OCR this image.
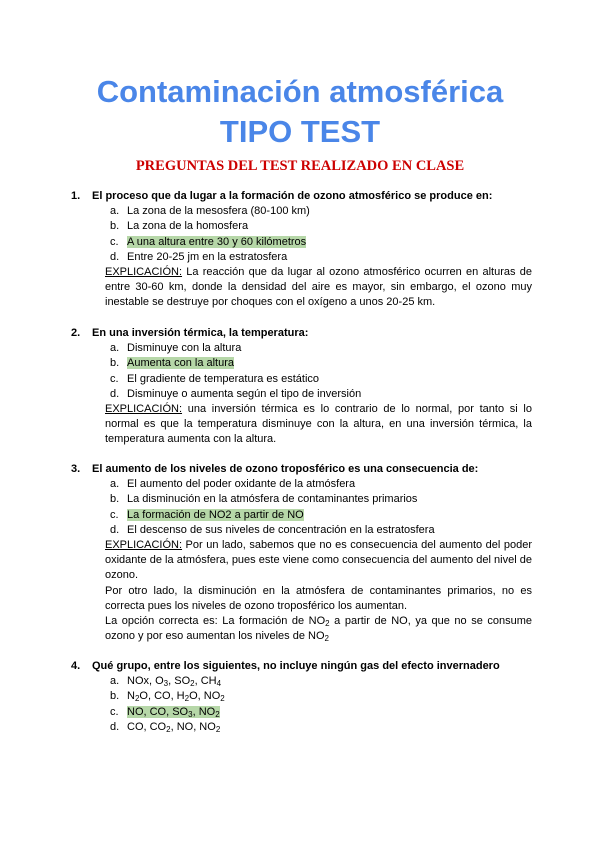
Contaminación atmosférica
TIPO TEST
PREGUNTAS DEL TEST REALIZADO EN CLASE
1. El proceso que da lugar a la formación de ozono atmosférico se produce en:
a. La zona de la mesosfera (80-100 km)
b. La zona de la homosfera
c. A una altura entre 30 y 60 kilómetros
d. Entre 20-25 jm en la estratosfera

EXPLICACIÓN: La reacción que da lugar al ozono atmosférico ocurren en alturas de entre 30-60 km, donde la densidad del aire es mayor, sin embargo, el ozono muy inestable se destruye por choques con el oxígeno a unos 20-25 km.

2. En una inversión térmica, la temperatura:
a. Disminuye con la altura
b. Aumenta con la altura
c. El gradiente de temperatura es estático
d. Disminuye o aumenta según el tipo de inversión

EXPLICACIÓN: una inversión térmica es lo contrario de lo normal, por tanto si lo normal es que la temperatura disminuye con la altura, en una inversión térmica, la temperatura aumenta con la altura.

3. El aumento de los niveles de ozono troposférico es una consecuencia de:
a. El aumento del poder oxidante de la atmósfera
b. La disminución en la atmósfera de contaminantes primarios
c. La formación de NO2 a partir de NO
d. El descenso de sus niveles de concentración en la estratosfera

EXPLICACIÓN: Por un lado, sabemos que no es consecuencia del aumento del poder oxidante de la atmósfera, pues este viene como consecuencia del aumento del nivel de ozono.

Por otro lado, la disminución en la atmósfera de contaminantes primarios, no es correcta pues los niveles de ozono troposférico los aumentan.

La opción correcta es: La formación de $NO_2$ a partir de NO, ya que no se consume ozono y por eso aumentan los niveles de $NO_2$

4. Qué grupo, entre los siguientes, no incluye ningún gas del efecto invernadero
a. NOx, $O_3$, $SO_2$, $CH_4$
b. $N_2O$, CO, $H_2O$, $NO_2$
c. NO, CO, $SO_3$, $NO_2$
d. CO, $CO_2$, NO, $NO_2$
